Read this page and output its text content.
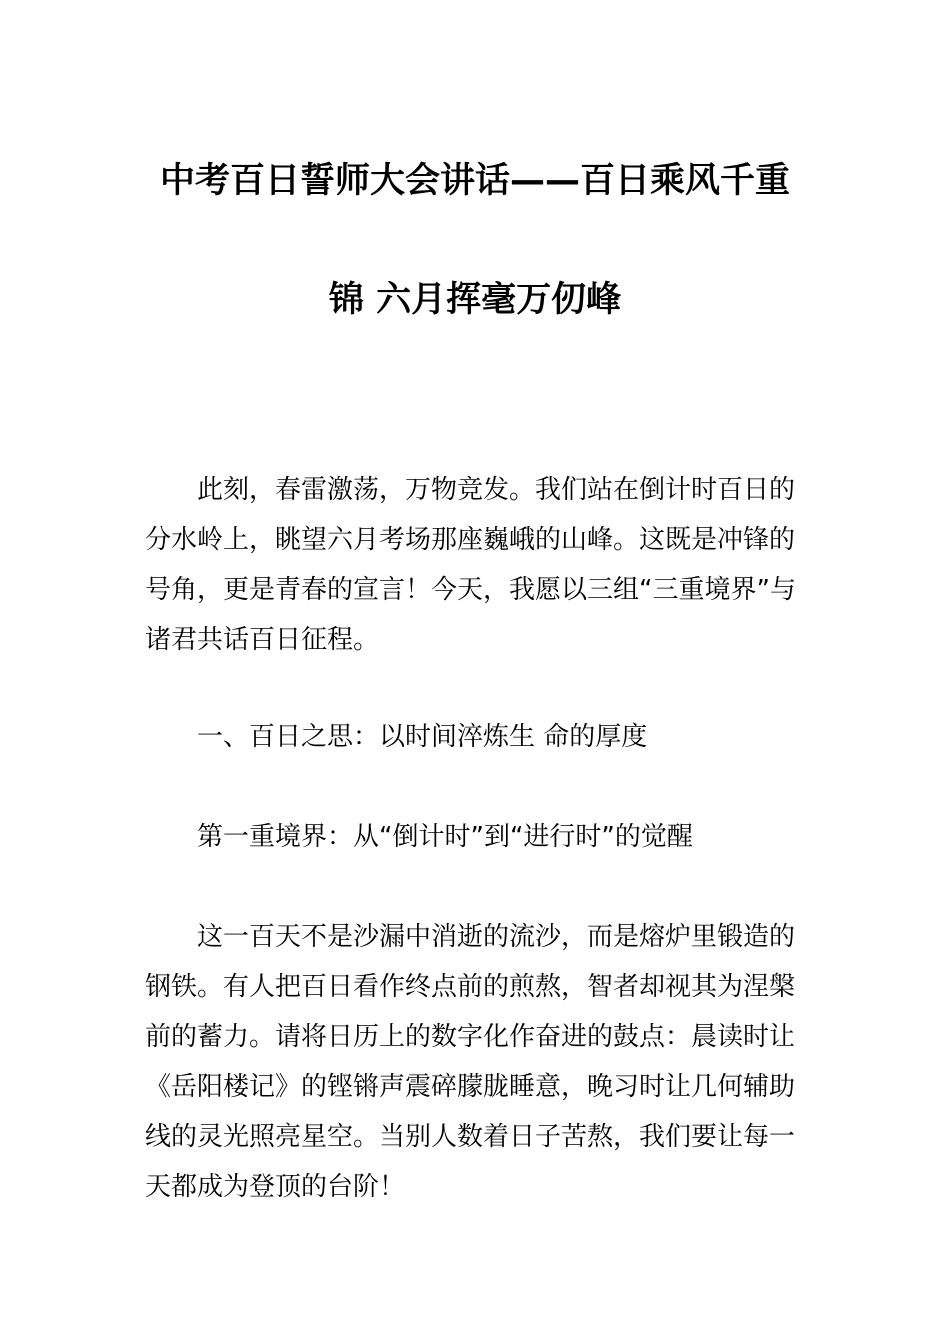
中考百日誓师大会讲话——百日乘风千重
锦 六月挥毫万仞峰

此刻，春雷激荡，万物竞发。我们站在倒计时百日的分水岭上，眺望六月考场那座巍峨的山峰。这既是冲锋的号角，更是青春的宣言！今天，我愿以三组“三重境界”与诸君共话百日征程。

一、百日之思：以时间淬炼生 命的厚度

第一重境界：从“倒计时”到“进行时”的觉醒

这一百天不是沙漏中消逝的流沙，而是熔炉里锻造的钢铁。有人把百日看作终点前的煎熬，智者却视其为涅槃前的蓄力。请将日历上的数字化作奋进的鼓点：晨读时让《岳阳楼记》的铿锵声震碎朦胧睡意，晚习时让几何辅助线的灵光照亮星空。当别人数着日子苦熬，我们要让每一天都成为登顶的台阶！
